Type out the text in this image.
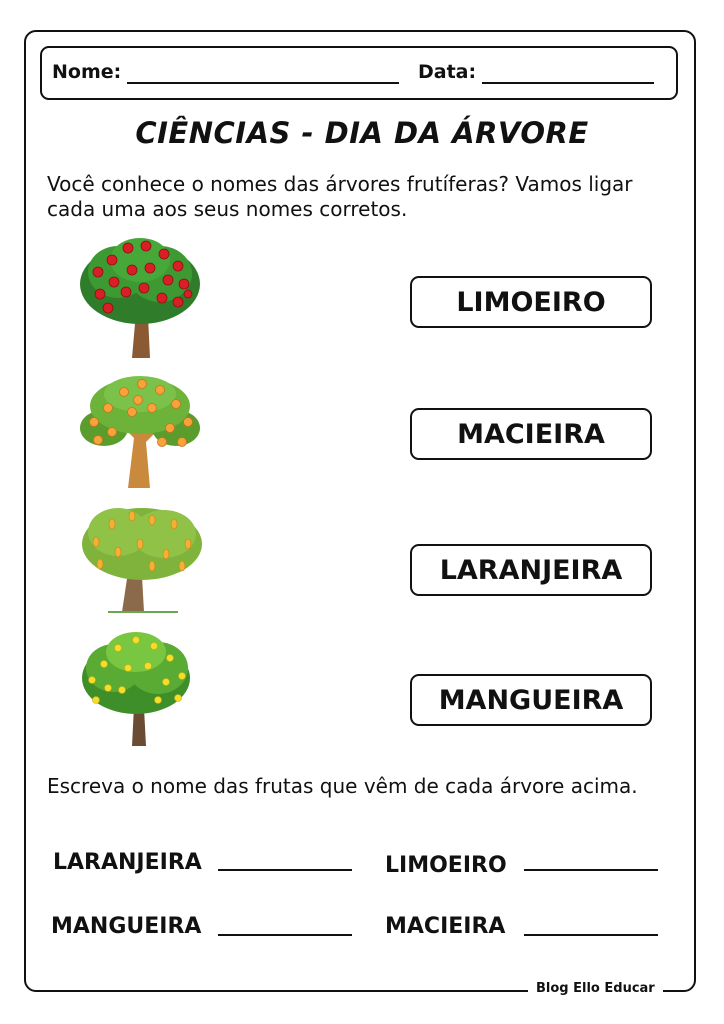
Nome:	Data:
CIÊNCIAS - DIA DA ÁRVORE
Você conhece o nomes das árvores frutíferas? Vamos ligar cada uma aos seus nomes corretos.
LIMOEIRO
MACIEIRA
LARANJEIRA
MANGUEIRA
Escreva o nome das frutas que vêm de cada árvore acima.
LARANJEIRA	LIMOEIRO
MANGUEIRA	MACIEIRA
Blog Ello Educar
